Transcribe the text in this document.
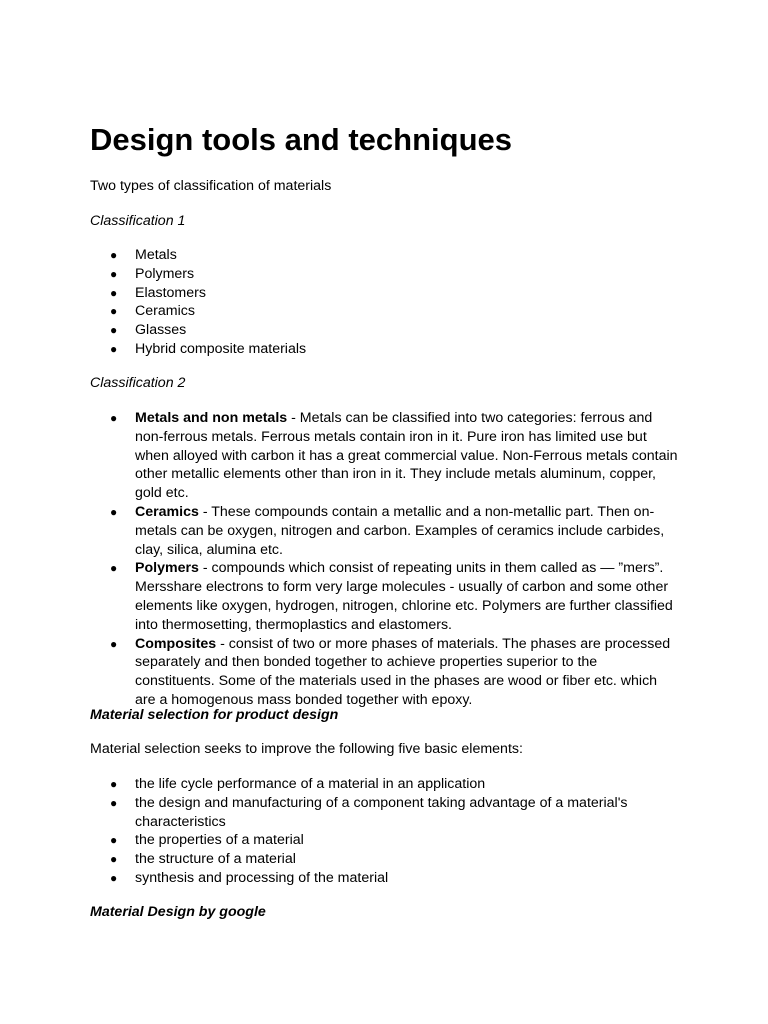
Design tools and techniques

Two types of classification of materials

Classification 1

● Metals
● Polymers
● Elastomers
● Ceramics
● Glasses
● Hybrid composite materials

Classification 2

● Metals and non metals - Metals can be classified into two categories: ferrous and non-ferrous metals. Ferrous metals contain iron in it. Pure iron has limited use but when alloyed with carbon it has a great commercial value. Non-Ferrous metals contain other metallic elements other than iron in it. They include metals aluminum, copper, gold etc.
● Ceramics - These compounds contain a metallic and a non-metallic part. Then on-metals can be oxygen, nitrogen and carbon. Examples of ceramics include carbides, clay, silica, alumina etc.
● Polymers - compounds which consist of repeating units in them called as — ”mers”. Mersshare electrons to form very large molecules - usually of carbon and some other elements like oxygen, hydrogen, nitrogen, chlorine etc. Polymers are further classified into thermosetting, thermoplastics and elastomers.
● Composites - consist of two or more phases of materials. The phases are processed separately and then bonded together to achieve properties superior to the constituents. Some of the materials used in the phases are wood or fiber etc. which are a homogenous mass bonded together with epoxy.

Material selection for product design

Material selection seeks to improve the following five basic elements:

● the life cycle performance of a material in an application
● the design and manufacturing of a component taking advantage of a material's characteristics
● the properties of a material
● the structure of a material
● synthesis and processing of the material

Material Design by google
